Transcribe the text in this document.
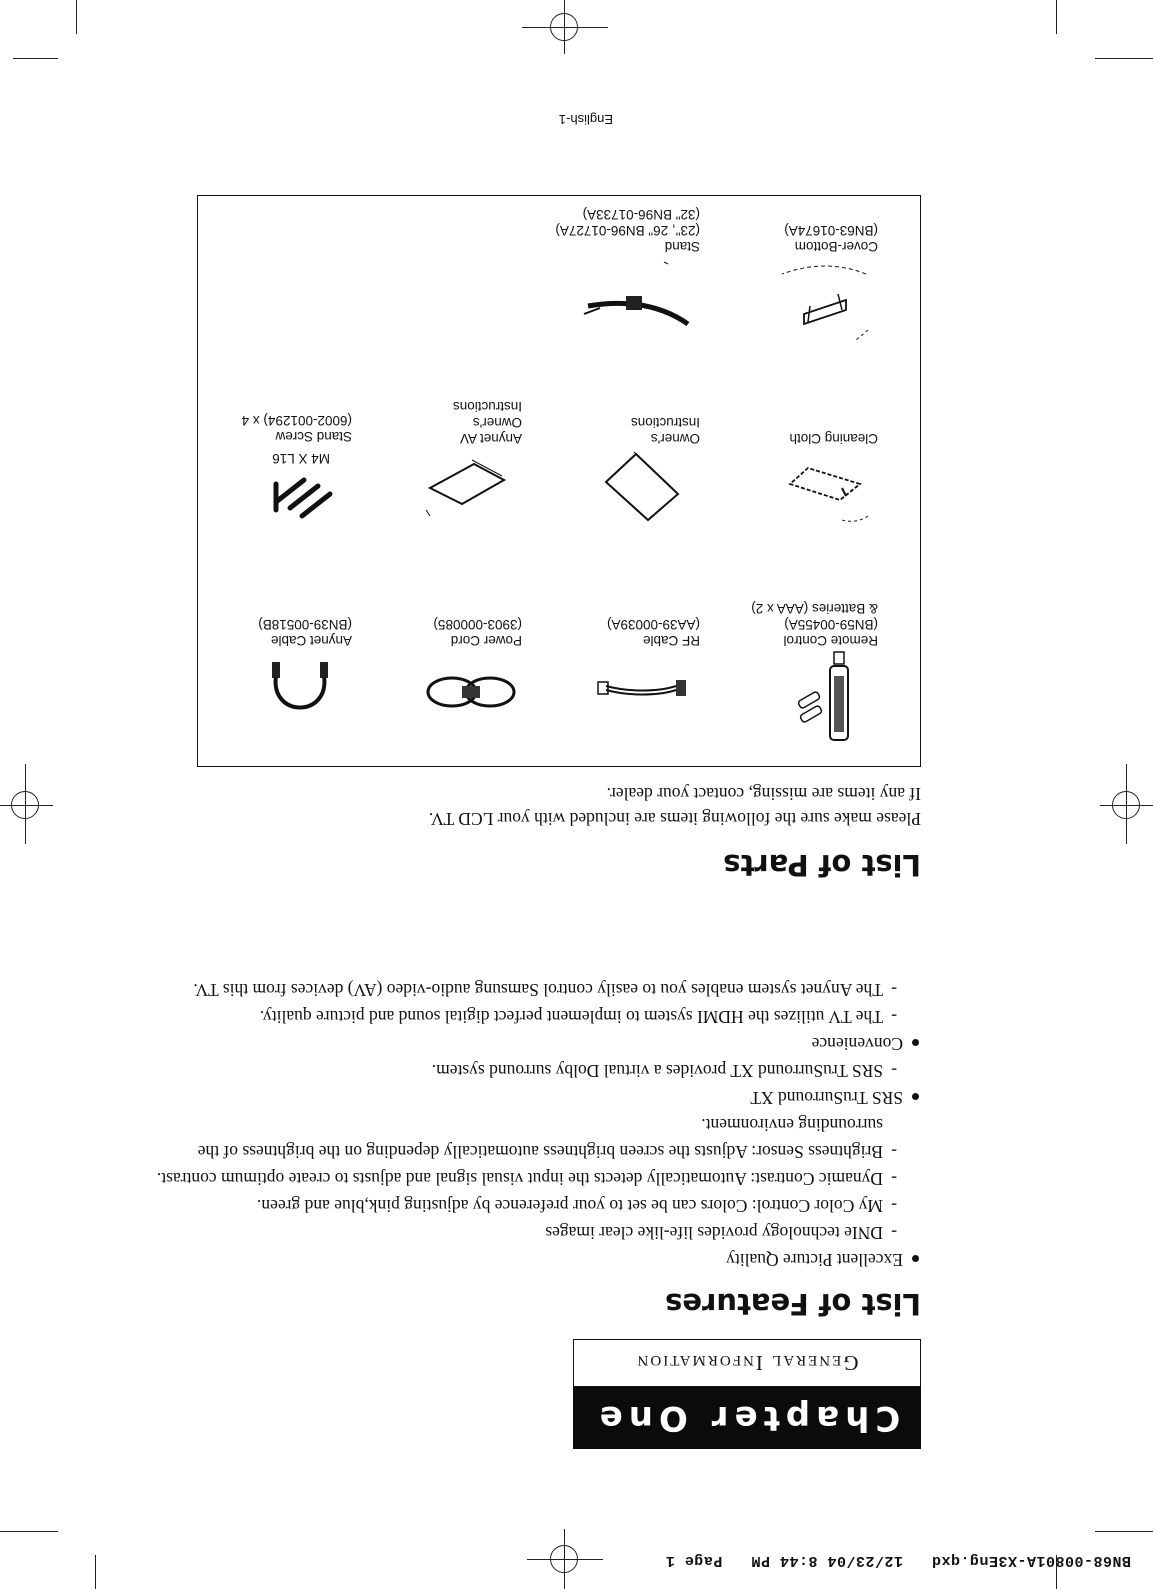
BN68-00801A-X3Eng.qxd   12/23/04 8:44 PM   Page 1
Chapter One
General Information
List of Features
Excellent Picture Quality
- DNIe technology provides life-like clear images
- My Color Control: Colors can be set to your preference by adjusting pink,blue and green.
- Dynamic Contrast: Automatically detects the input visual signal and adjusts to create optimum contrast.
- Brightness Sensor: Adjusts the screen brightness automatically depending on the brightness of the surrounding environment.
SRS TruSurround XT
- SRS TruSurround XT provides a virtual Dolby surround system.
Convenience
- The TV utilizes the HDMI system to implement perfect digital sound and picture quality.
- The Anynet system enables you to easily control Samsung audio-video (AV) devices from this TV.
List of Parts
Please make sure the following items are included with your LCD TV.
If any items are missing, contact your dealer.
Remote Control
(BN59-00455A)
& Batteries (AAA x 2)
RF Cable
(AA39-00039A)
Power Cord
(3903-000085)
Anynet Cable
(BN39-00518B)
Cleaning Cloth
Owner's
Instructions
Anynet AV
Owner's
Instructions
M4 X L16
Stand Screw
(6002-001294) x 4
Cover-Bottom
(BN63-01674A)
Stand
(23", 26" BN96-01727A)
(32" BN96-01733A)
English-1
